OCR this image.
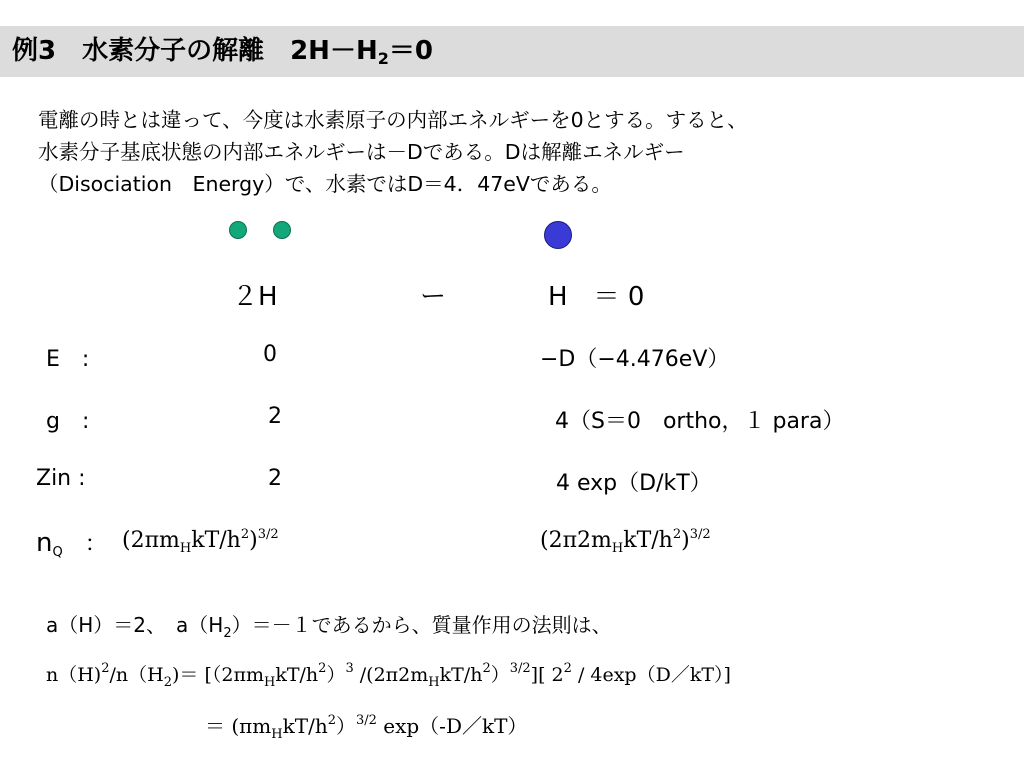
例3　水素分子の解離　$2H-H_2=0$
電離の時とは違って、今度は水素原子の内部エネルギーを0とする。すると、
水素分子基底状態の内部エネルギーは－Dである。Dは解離エネルギー
（Disociation　Energy）で、水素ではD＝4．47eVである。
２H	ー	H　＝ 0
E　:	0	−D（−4.476eV）
g　:	2	4（S＝0　ortho，１ para）
Zin :	2	4 exp（D/kT）
$n_Q$ ： $(2\pi m_HkT/h^2)^{3/2}$	$(2\pi 2m_HkT/h^2)^{3/2}$
a（H）＝2、　$a(H_2)=-1$であるから、質量作用の法則は、
$n(H)^2/n(H_2)= [(2\pi m_HkT/h^2)^3$ $/(2\pi 2m_HkT/h^2)^{3/2}$][ $2^2$ / 4exp（D／kT）]
＝ $(\pi m_HkT/h^2)^{3/2}$ exp（-D／kT）
